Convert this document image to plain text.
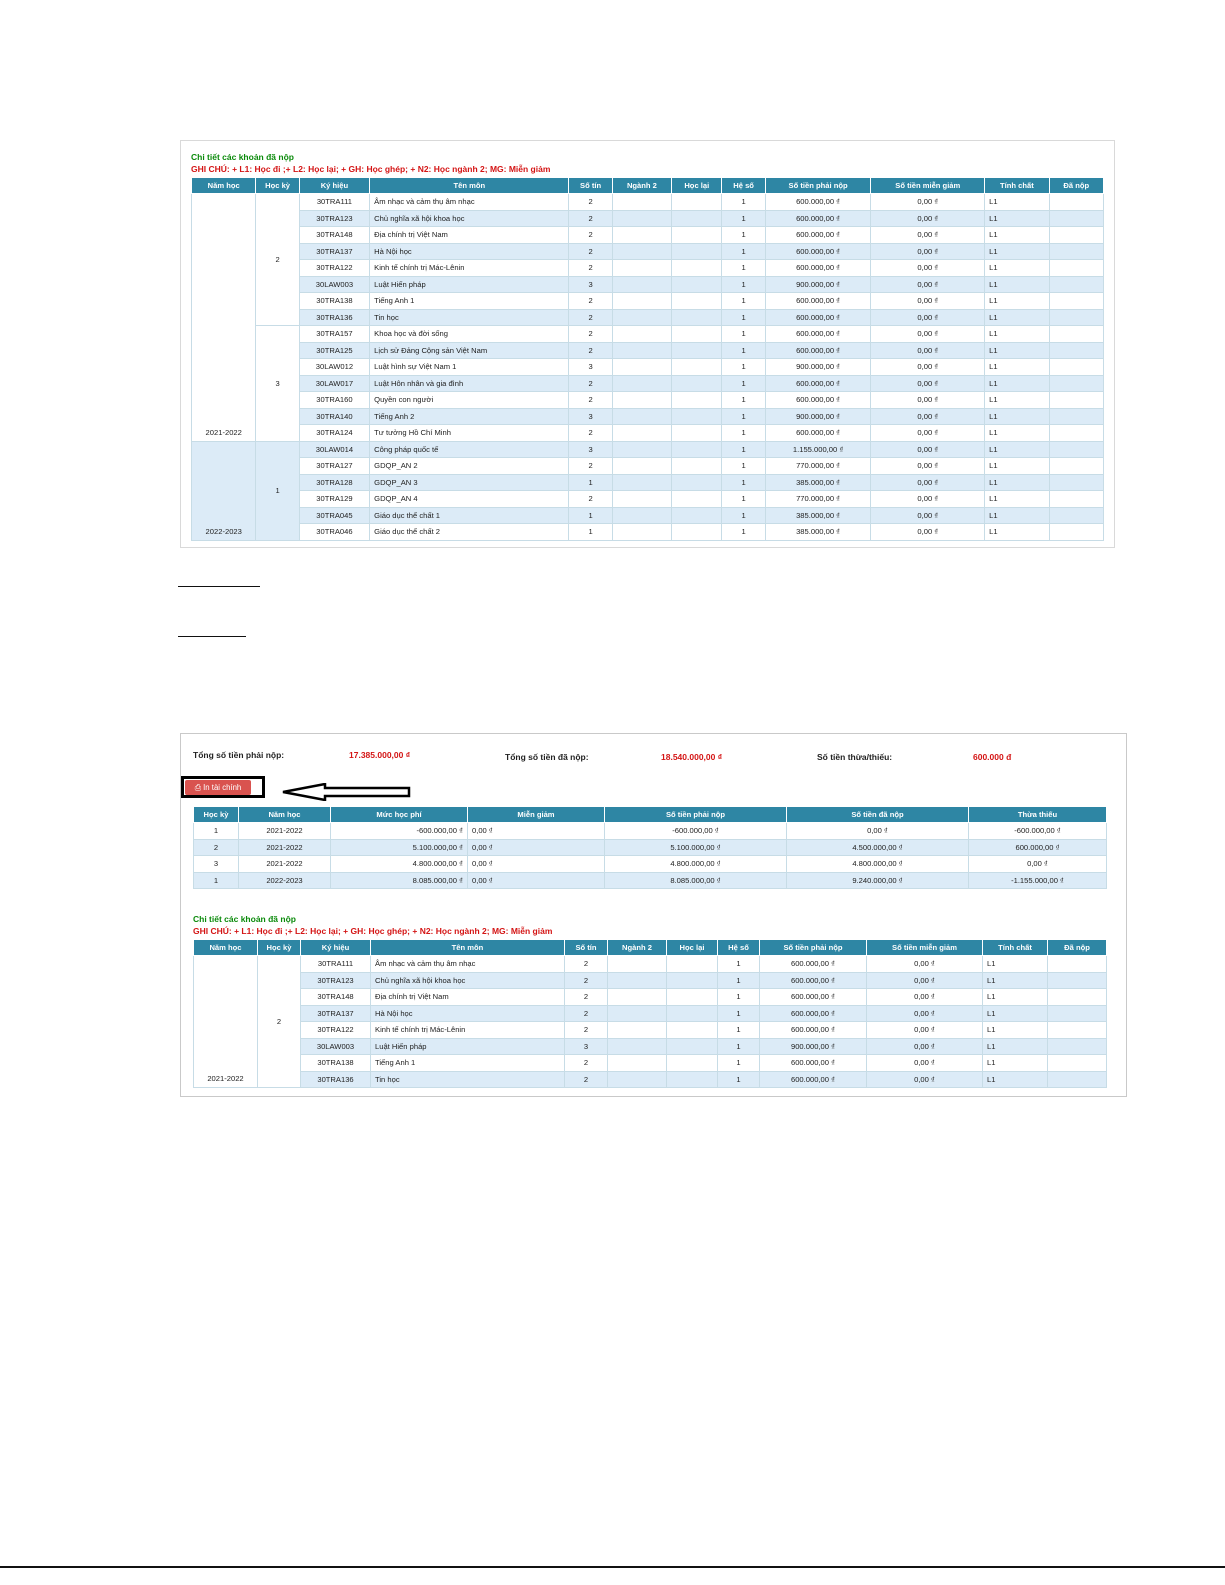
Chi tiết các khoản đã nộp
GHI CHÚ: + L1: Học đi ;+ L2: Học lại; + GH: Học ghép; + N2: Học ngành 2; MG: Miễn giảm
Năm học	Học kỳ	Ký hiệu	Tên môn	Số tín	Ngành 2	Học lại	Hệ số	Số tiền phải nộp	Số tiền miễn giảm	Tính chất	Đã nộp
2021-2022	2	30TRA111	Âm nhạc và cảm thụ âm nhạc	2			1	600.000,00 ₫	0,00 ₫	L1	
		30TRA123	Chủ nghĩa xã hội khoa học	2			1	600.000,00 ₫	0,00 ₫	L1	
		30TRA148	Địa chính trị Việt Nam	2			1	600.000,00 ₫	0,00 ₫	L1	
		30TRA137	Hà Nội học	2			1	600.000,00 ₫	0,00 ₫	L1	
		30TRA122	Kinh tế chính trị Mác-Lênin	2			1	600.000,00 ₫	0,00 ₫	L1	
		30LAW003	Luật Hiến pháp	3			1	900.000,00 ₫	0,00 ₫	L1	
		30TRA138	Tiếng Anh 1	2			1	600.000,00 ₫	0,00 ₫	L1	
		30TRA136	Tin học	2			1	600.000,00 ₫	0,00 ₫	L1	
	3	30TRA157	Khoa học và đời sống	2			1	600.000,00 ₫	0,00 ₫	L1	
		30TRA125	Lịch sử Đảng Cộng sản Việt Nam	2			1	600.000,00 ₫	0,00 ₫	L1	
		30LAW012	Luật hình sự Việt Nam 1	3			1	900.000,00 ₫	0,00 ₫	L1	
		30LAW017	Luật Hôn nhân và gia đình	2			1	600.000,00 ₫	0,00 ₫	L1	
		30TRA160	Quyền con người	2			1	600.000,00 ₫	0,00 ₫	L1	
		30TRA140	Tiếng Anh 2	3			1	900.000,00 ₫	0,00 ₫	L1	
		30TRA124	Tư tưởng Hồ Chí Minh	2			1	600.000,00 ₫	0,00 ₫	L1	
2022-2023	1	30LAW014	Công pháp quốc tế	3			1	1.155.000,00 ₫	0,00 ₫	L1	
		30TRA127	GDQP_AN 2	2			1	770.000,00 ₫	0,00 ₫	L1	
		30TRA128	GDQP_AN 3	1			1	385.000,00 ₫	0,00 ₫	L1	
		30TRA129	GDQP_AN 4	2			1	770.000,00 ₫	0,00 ₫	L1	
		30TRA045	Giáo dục thể chất 1	1			1	385.000,00 ₫	0,00 ₫	L1	
		30TRA046	Giáo dục thể chất 2	1			1	385.000,00 ₫	0,00 ₫	L1	
Tổng số tiền phải nộp:	17.385.000,00 ₫	Tổng số tiền đã nộp:	18.540.000,00 ₫	Số tiền thừa/thiếu:	600.000 đ
⎙ In tài chính
Học kỳ	Năm học	Mức học phí	Miễn giảm	Số tiền phải nộp	Số tiền đã nộp	Thừa thiếu
1	2021-2022	-600.000,00 ₫	0,00 ₫	-600.000,00 ₫	0,00 ₫	-600.000,00 ₫
2	2021-2022	5.100.000,00 ₫	0,00 ₫	5.100.000,00 ₫	4.500.000,00 ₫	600.000,00 ₫
3	2021-2022	4.800.000,00 ₫	0,00 ₫	4.800.000,00 ₫	4.800.000,00 ₫	0,00 ₫
1	2022-2023	8.085.000,00 ₫	0,00 ₫	8.085.000,00 ₫	9.240.000,00 ₫	-1.155.000,00 ₫
Chi tiết các khoản đã nộp
GHI CHÚ: + L1: Học đi ;+ L2: Học lại; + GH: Học ghép; + N2: Học ngành 2; MG: Miễn giảm
Năm học	Học kỳ	Ký hiệu	Tên môn	Số tín	Ngành 2	Học lại	Hệ số	Số tiền phải nộp	Số tiền miễn giảm	Tính chất	Đã nộp
2021-2022	2	30TRA111	Âm nhạc và cảm thụ âm nhạc	2			1	600.000,00 ₫	0,00 ₫	L1	
		30TRA123	Chủ nghĩa xã hội khoa học	2			1	600.000,00 ₫	0,00 ₫	L1	
		30TRA148	Địa chính trị Việt Nam	2			1	600.000,00 ₫	0,00 ₫	L1	
		30TRA137	Hà Nội học	2			1	600.000,00 ₫	0,00 ₫	L1	
		30TRA122	Kinh tế chính trị Mác-Lênin	2			1	600.000,00 ₫	0,00 ₫	L1	
		30LAW003	Luật Hiến pháp	3			1	900.000,00 ₫	0,00 ₫	L1	
		30TRA138	Tiếng Anh 1	2			1	600.000,00 ₫	0,00 ₫	L1	
		30TRA136	Tin học	2			1	600.000,00 ₫	0,00 ₫	L1	
